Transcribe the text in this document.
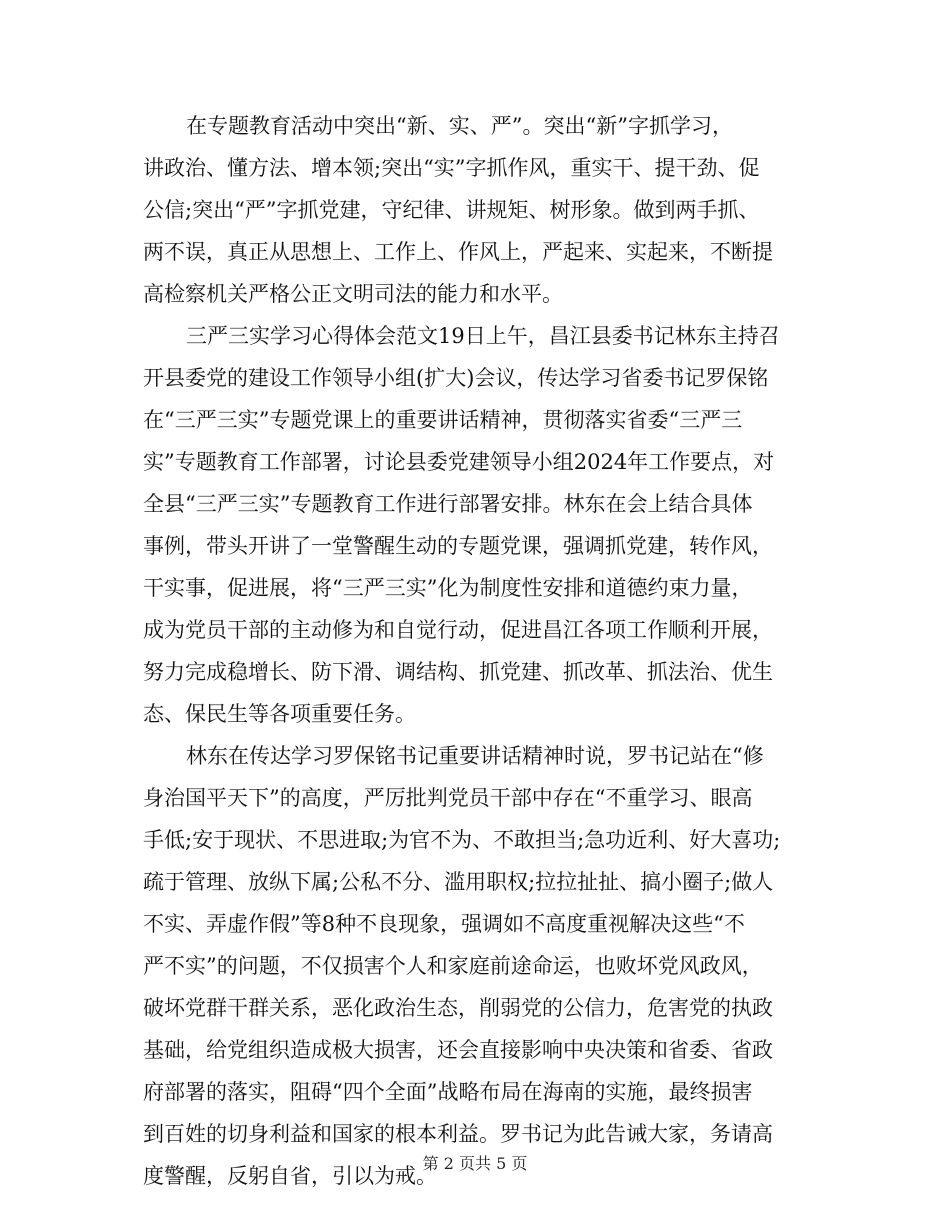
在专题教育活动中突出“新、实、严”。突出“新”字抓学习，
讲政治、懂方法、增本领;突出“实”字抓作风，重实干、提干劲、促
公信;突出“严”字抓党建，守纪律、讲规矩、树形象。做到两手抓、
两不误，真正从思想上、工作上、作风上，严起来、实起来，不断提
高检察机关严格公正文明司法的能力和水平。
三严三实学习心得体会范文19日上午，昌江县委书记林东主持召
开县委党的建设工作领导小组(扩大)会议，传达学习省委书记罗保铭
在“三严三实”专题党课上的重要讲话精神，贯彻落实省委“三严三
实”专题教育工作部署，讨论县委党建领导小组2024年工作要点，对
全县“三严三实”专题教育工作进行部署安排。林东在会上结合具体
事例，带头开讲了一堂警醒生动的专题党课，强调抓党建，转作风，
干实事，促进展，将“三严三实”化为制度性安排和道德约束力量，
成为党员干部的主动修为和自觉行动，促进昌江各项工作顺利开展，
努力完成稳增长、防下滑、调结构、抓党建、抓改革、抓法治、优生
态、保民生等各项重要任务。
林东在传达学习罗保铭书记重要讲话精神时说，罗书记站在“修
身治国平天下”的高度，严厉批判党员干部中存在“不重学习、眼高
手低;安于现状、不思进取;为官不为、不敢担当;急功近利、好大喜功;
疏于管理、放纵下属;公私不分、滥用职权;拉拉扯扯、搞小圈子;做人
不实、弄虚作假”等8种不良现象，强调如不高度重视解决这些“不
严不实”的问题，不仅损害个人和家庭前途命运，也败坏党风政风，
破坏党群干群关系，恶化政治生态，削弱党的公信力，危害党的执政
基础，给党组织造成极大损害，还会直接影响中央决策和省委、省政
府部署的落实，阻碍“四个全面”战略布局在海南的实施，最终损害
到百姓的切身利益和国家的根本利益。罗书记为此告诫大家，务请高
度警醒，反躬自省，引以为戒。
第 2 页共 5 页
